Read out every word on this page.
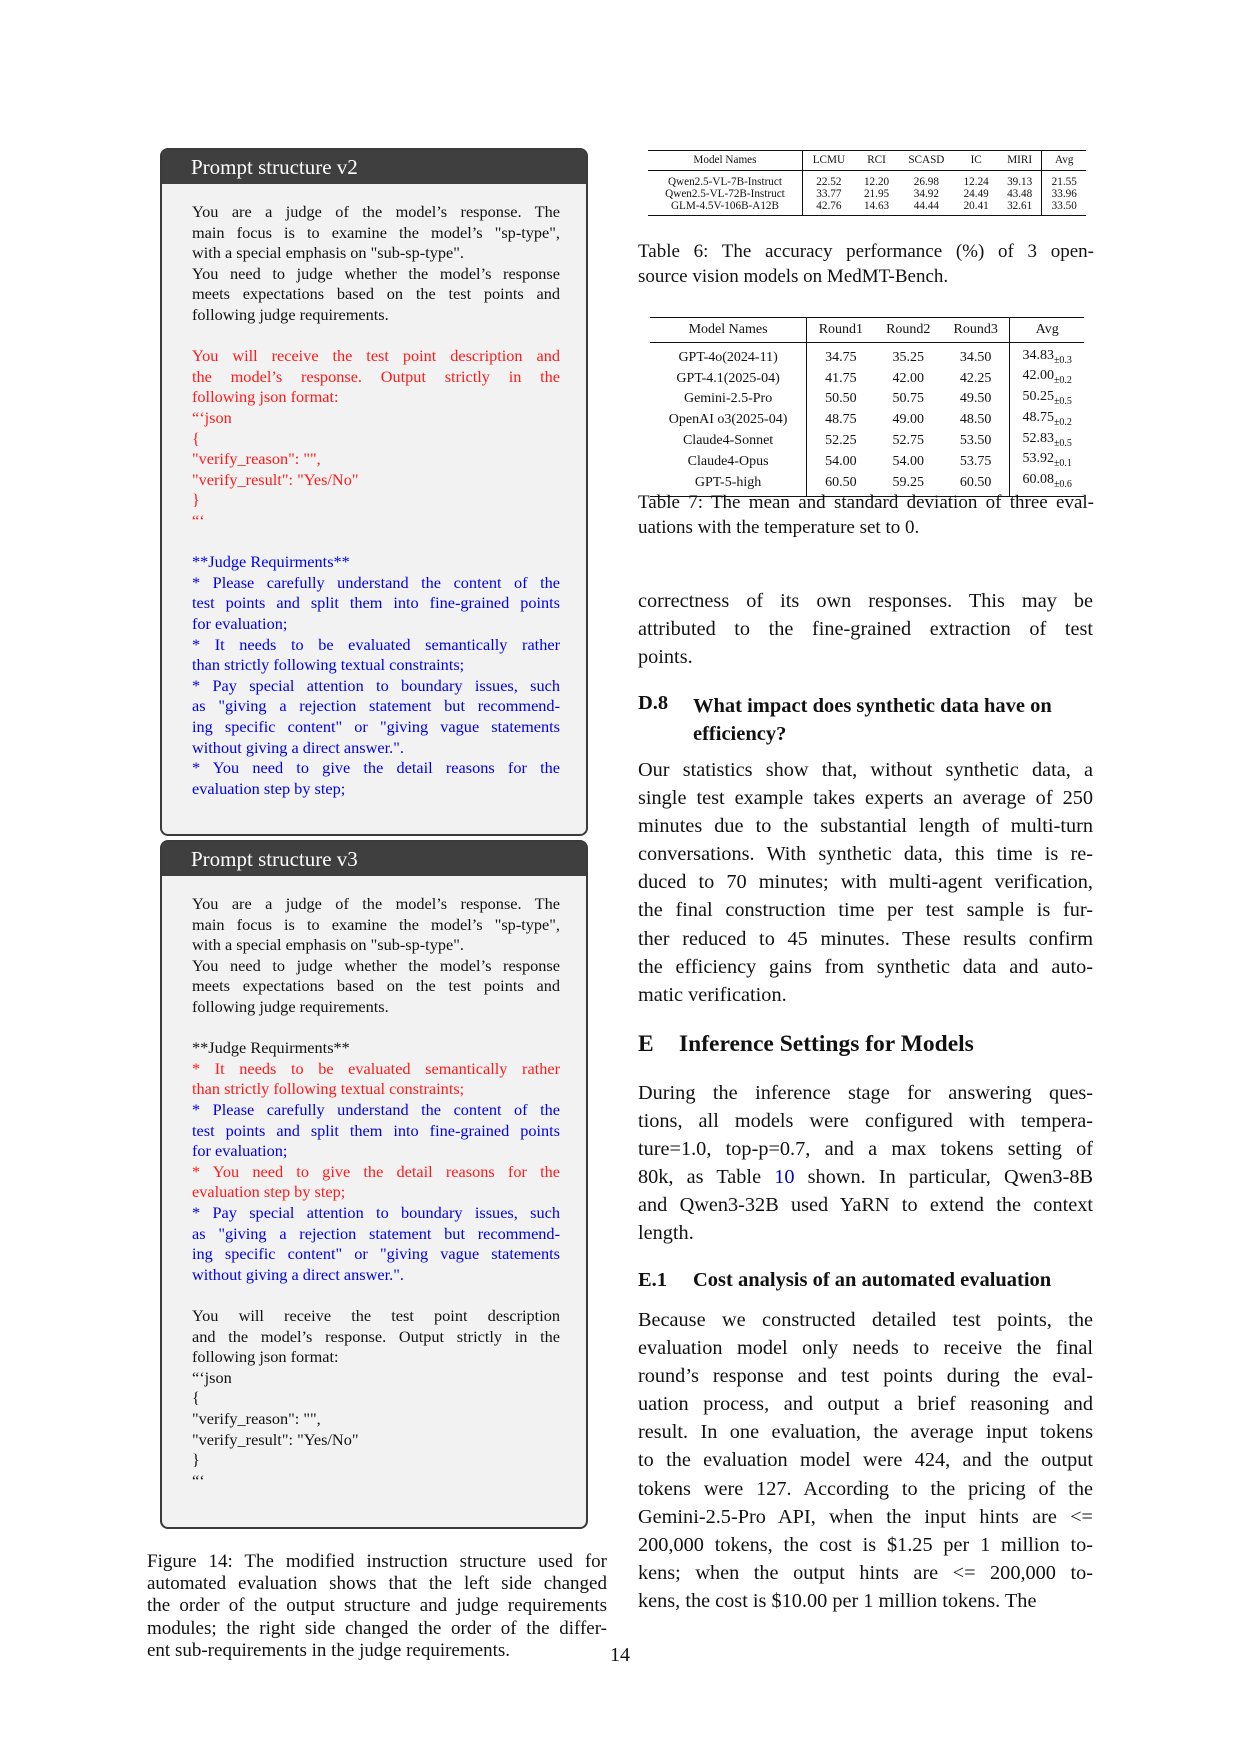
Prompt structure v2
You are a judge of the model’s response. The
main focus is to examine the model’s "sp-type",
with a special emphasis on "sub-sp-type".
You need to judge whether the model’s response
meets expectations based on the test points and
following judge requirements.
You will receive the test point description and
the model’s response. Output strictly in the
following json format:
“‘json
{
"verify_reason": "",
"verify_result": "Yes/No"
}
“‘
**Judge Requirments**
* Please carefully understand the content of the
test points and split them into fine-grained points
for evaluation;
* It needs to be evaluated semantically rather
than strictly following textual constraints;
* Pay special attention to boundary issues, such
as "giving a rejection statement but recommend-
ing specific content" or "giving vague statements
without giving a direct answer.".
* You need to give the detail reasons for the
evaluation step by step;
Prompt structure v3
You are a judge of the model’s response. The
main focus is to examine the model’s "sp-type",
with a special emphasis on "sub-sp-type".
You need to judge whether the model’s response
meets expectations based on the test points and
following judge requirements.
**Judge Requirments**
* It needs to be evaluated semantically rather
than strictly following textual constraints;
* Please carefully understand the content of the
test points and split them into fine-grained points
for evaluation;
* You need to give the detail reasons for the
evaluation step by step;
* Pay special attention to boundary issues, such
as "giving a rejection statement but recommend-
ing specific content" or "giving vague statements
without giving a direct answer.".
You will receive the test point description
and the model’s response. Output strictly in the
following json format:
“‘json
{
"verify_reason": "",
"verify_result": "Yes/No"
}
“‘
Figure 14: The modified instruction structure used for
automated evaluation shows that the left side changed
the order of the output structure and judge requirements
modules; the right side changed the order of the differ-
ent sub-requirements in the judge requirements.
Model Names	LCMU	RCI	SCASD	IC	MIRI	Avg
Qwen2.5-VL-7B-Instruct	22.52	12.20	26.98	12.24	39.13	21.55
Qwen2.5-VL-72B-Instruct	33.77	21.95	34.92	24.49	43.48	33.96
GLM-4.5V-106B-A12B	42.76	14.63	44.44	20.41	32.61	33.50
Table 6: The accuracy performance (%) of 3 open-
source vision models on MedMT-Bench.
Model Names	Round1	Round2	Round3	Avg
GPT-4o(2024-11)	34.75	35.25	34.50	$34.83_{\pm 0.3}$
GPT-4.1(2025-04)	41.75	42.00	42.25	$42.00_{\pm 0.2}$
Gemini-2.5-Pro	50.50	50.75	49.50	$50.25_{\pm 0.5}$
OpenAI o3(2025-04)	48.75	49.00	48.50	$48.75_{\pm 0.2}$
Claude4-Sonnet	52.25	52.75	53.50	$52.83_{\pm 0.5}$
Claude4-Opus	54.00	54.00	53.75	$53.92_{\pm 0.1}$
GPT-5-high	60.50	59.25	60.50	$60.08_{\pm 0.6}$
Table 7: The mean and standard deviation of three eval-
uations with the temperature set to 0.
correctness of its own responses. This may be
attributed to the fine-grained extraction of test
points.
D.8 What impact does synthetic data have on
efficiency?
Our statistics show that, without synthetic data, a
single test example takes experts an average of 250
minutes due to the substantial length of multi-turn
conversations. With synthetic data, this time is re-
duced to 70 minutes; with multi-agent verification,
the final construction time per test sample is fur-
ther reduced to 45 minutes. These results confirm
the efficiency gains from synthetic data and auto-
matic verification.
E Inference Settings for Models
During the inference stage for answering ques-
tions, all models were configured with tempera-
ture=1.0, top-p=0.7, and a max tokens setting of
80k, as Table 10 shown. In particular, Qwen3-8B
and Qwen3-32B used YaRN to extend the context
length.
E.1 Cost analysis of an automated evaluation
Because we constructed detailed test points, the
evaluation model only needs to receive the final
round’s response and test points during the eval-
uation process, and output a brief reasoning and
result. In one evaluation, the average input tokens
to the evaluation model were 424, and the output
tokens were 127. According to the pricing of the
Gemini-2.5-Pro API, when the input hints are <=
200,000 tokens, the cost is $1.25 per 1 million to-
kens; when the output hints are <= 200,000 to-
kens, the cost is $10.00 per 1 million tokens. The
14
